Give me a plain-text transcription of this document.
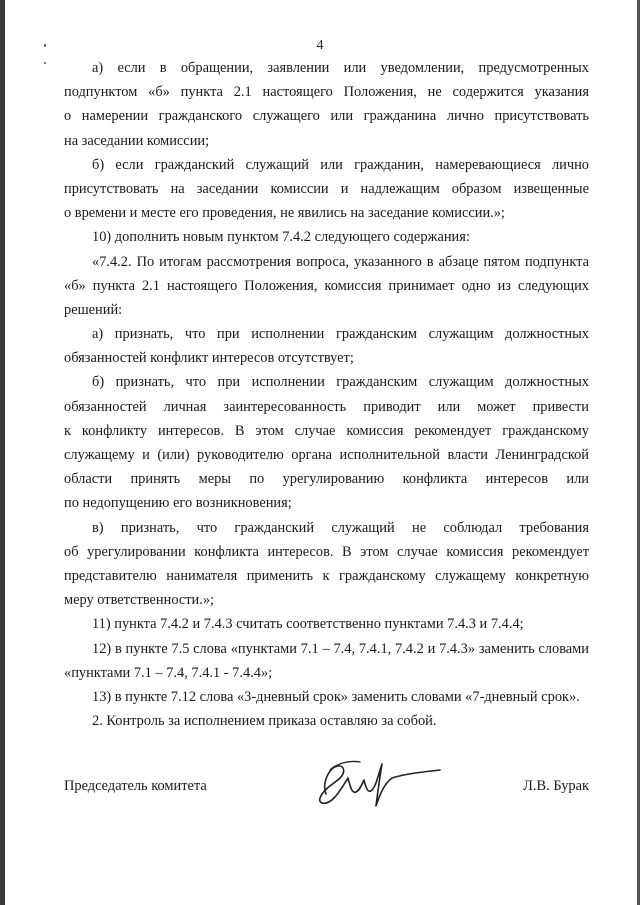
4
а) если в обращении, заявлении или уведомлении, предусмотренных
подпунктом «б» пункта 2.1 настоящего Положения, не содержится указания
о намерении гражданского служащего или гражданина лично присутствовать
на заседании комиссии;
б) если гражданский служащий или гражданин, намеревающиеся лично
присутствовать на заседании комиссии и надлежащим образом извещенные
о времени и месте его проведения, не явились на заседание комиссии.»;
10) дополнить новым пунктом 7.4.2 следующего содержания:
«7.4.2. По итогам рассмотрения вопроса, указанного в абзаце пятом подпункта
«б» пункта 2.1 настоящего Положения, комиссия принимает одно из следующих
решений:
а) признать, что при исполнении гражданским служащим должностных
обязанностей конфликт интересов отсутствует;
б) признать, что при исполнении гражданским служащим должностных
обязанностей личная заинтересованность приводит или может привести
к конфликту интересов. В этом случае комиссия рекомендует гражданскому
служащему и (или) руководителю органа исполнительной власти Ленинградской
области принять меры по урегулированию конфликта интересов или
по недопущению его возникновения;
в) признать, что гражданский служащий не соблюдал требования
об урегулировании конфликта интересов. В этом случае комиссия рекомендует
представителю нанимателя применить к гражданскому служащему конкретную
меру ответственности.»;
11) пункта 7.4.2 и 7.4.3 считать соответственно пунктами 7.4.3 и 7.4.4;
12) в пункте 7.5 слова «пунктами 7.1 – 7.4, 7.4.1, 7.4.2 и 7.4.3» заменить словами
«пунктами 7.1 – 7.4, 7.4.1 - 7.4.4»;
13) в пункте 7.12 слова «3-дневный срок» заменить словами «7-дневный срок».
2. Контроль за исполнением приказа оставляю за собой.
Председатель комитета	Л.В. Бурак
